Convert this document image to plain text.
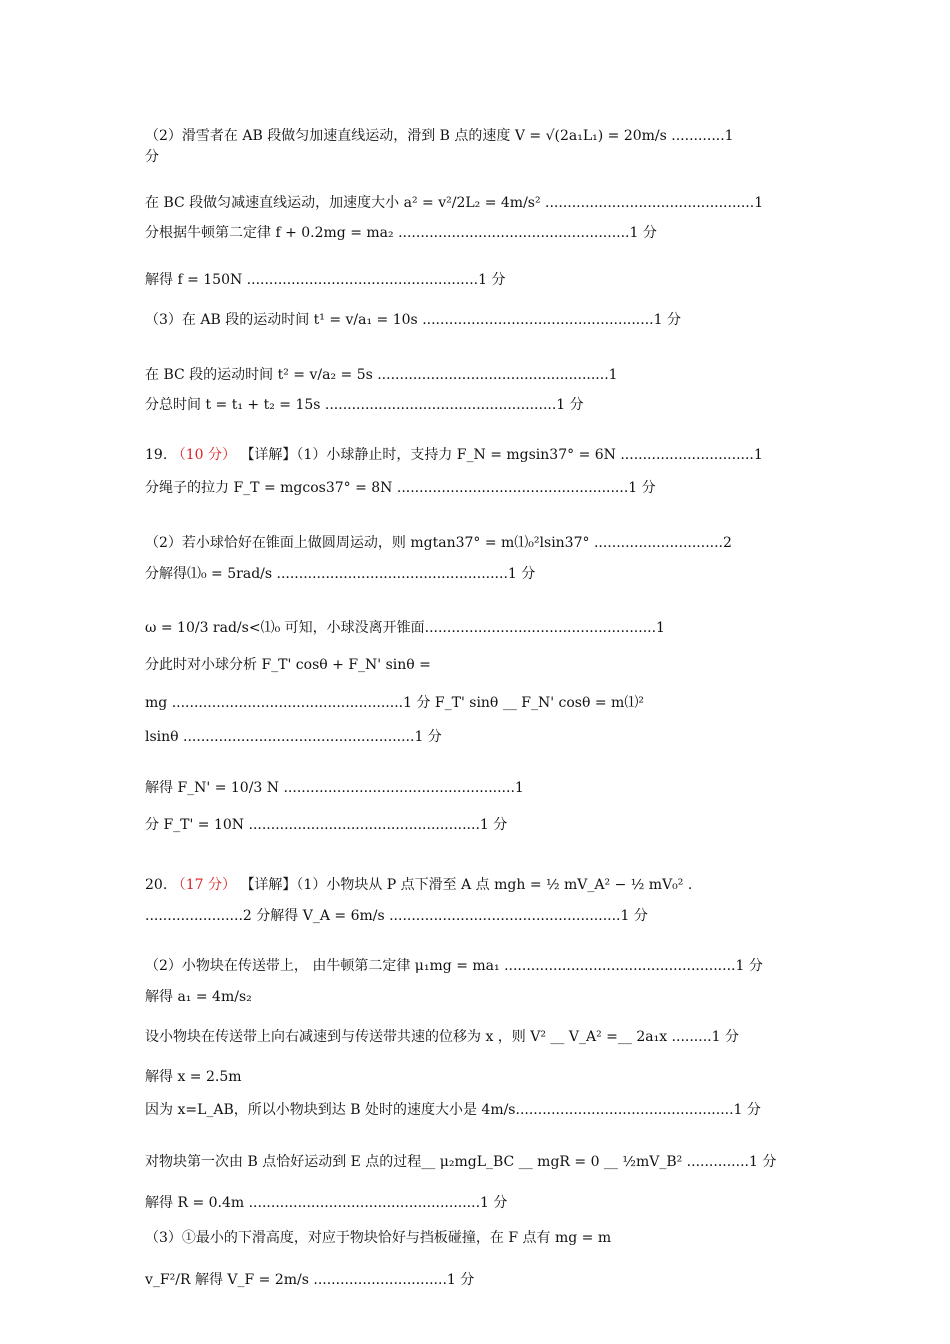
（2）滑雪者在 AB 段做匀加速直线运动，滑到 B 点的速度 V = √(2a₁L₁) = 20m/s ............1
分
在 BC 段做匀减速直线运动，加速度大小 a² = v²/2L₂ = 4m/s² ...............................................1
分根据牛顿第二定律 f + 0.2mg = ma₂ ....................................................1 分
解得 f = 150N ....................................................1 分
（3）在 AB 段的运动时间 t¹ = v/a₁ = 10s ....................................................1 分
在 BC 段的运动时间 t² = v/a₂ = 5s ....................................................1
分总时间 t = t₁ + t₂ = 15s ....................................................1 分
19. （10 分） 【详解】（1）小球静止时，支持力 F_N = mgsin37° = 6N ..............................1
分绳子的拉力 F_T = mgcos37° = 8N ....................................................1 分
（2）若小球恰好在锥面上做圆周运动，则 mgtan37° = m⑴₀²lsin37° .............................2
分解得⑴₀ = 5rad/s ....................................................1 分
ω = 10/3 rad/s<⑴₀ 可知，小球没离开锥面....................................................1
分此时对小球分析 F_T' cosθ + F_N' sinθ =
mg ....................................................1 分 F_T' sinθ __ F_N' cosθ = m⑴²
lsinθ ....................................................1 分
解得 F_N' = 10/3 N ....................................................1
分 F_T' = 10N ....................................................1 分
20. （17 分） 【详解】（1）小物块从 P 点下滑至 A 点 mgh = ½ mV_A² − ½ mV₀² .
......................2 分解得 V_A = 6m/s ....................................................1 分
（2）小物块在传送带上， 由牛顿第二定律 μ₁mg = ma₁ ....................................................1 分
解得 a₁ = 4m/s₂
设小物块在传送带上向右减速到与传送带共速的位移为 x ，则 V² __ V_A² =__ 2a₁x .........1 分
解得 x = 2.5m
因为 x=L_AB，所以小物块到达 B 处时的速度大小是 4m/s.................................................1 分
对物块第一次由 B 点恰好运动到 E 点的过程__ μ₂mgL_BC __ mgR = 0 __ ½mV_B² ..............1 分
解得 R = 0.4m ....................................................1 分
（3）①最小的下滑高度，对应于物块恰好与挡板碰撞，在 F 点有 mg = m
v_F²/R 解得 V_F = 2m/s ..............................1 分
